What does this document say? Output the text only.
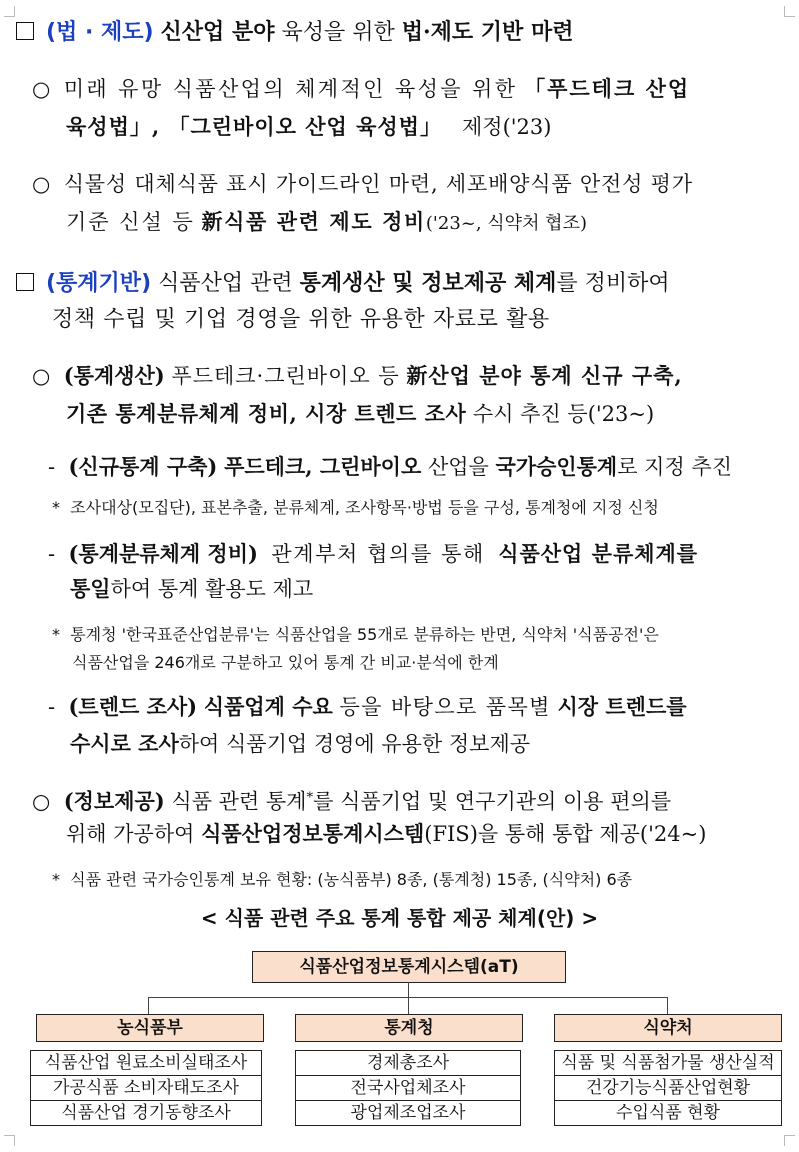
(법 · 제도) 신산업 분야 육성을 위한 법·제도 기반 마련
○ 미래 유망 식품산업의 체계적인 육성을 위한 「푸드테크 산업
육성법」, 「그린바이오 산업 육성법」 제정('23)
○ 식물성 대체식품 표시 가이드라인 마련, 세포배양식품 안전성 평가
기준 신설 등 新식품 관련 제도 정비('23~, 식약처 협조)
(통계기반) 식품산업 관련 통계생산 및 정보제공 체계를 정비하여
정책 수립 및 기업 경영을 위한 유용한 자료로 활용
○ (통계생산) 푸드테크·그린바이오 등 新산업 분야 통계 신규 구축,
기존 통계분류체계 정비, 시장 트렌드 조사 수시 추진 등('23~)
- (신규통계 구축) 푸드테크, 그린바이오 산업을 국가승인통계로 지정 추진
* 조사대상(모집단), 표본추출, 분류체계, 조사항목·방법 등을 구성, 통계청에 지정 신청
- (통계분류체계 정비) 관계부처 협의를 통해 식품산업 분류체계를
통일하여 통계 활용도 제고
* 통계청 '한국표준산업분류'는 식품산업을 55개로 분류하는 반면, 식약처 '식품공전'은
식품산업을 246개로 구분하고 있어 통계 간 비교·분석에 한계
- (트렌드 조사) 식품업계 수요 등을 바탕으로 품목별 시장 트렌드를
수시로 조사하여 식품기업 경영에 유용한 정보제공
○ (정보제공) 식품 관련 통계*를 식품기업 및 연구기관의 이용 편의를
위해 가공하여 식품산업정보통계시스템(FIS)을 통해 통합 제공('24~)
* 식품 관련 국가승인통계 보유 현황: (농식품부) 8종, (통계청) 15종, (식약처) 6종
< 식품 관련 주요 통계 통합 제공 체계(안) >
식품산업정보통계시스템(aT)
농식품부	통계청	식약처
식품산업 원료소비실태조사
가공식품 소비자태도조사
식품산업 경기동향조사
경제총조사
전국사업체조사
광업제조업조사
식품 및 식품첨가물 생산실적
건강기능식품산업현황
수입식품 현황
